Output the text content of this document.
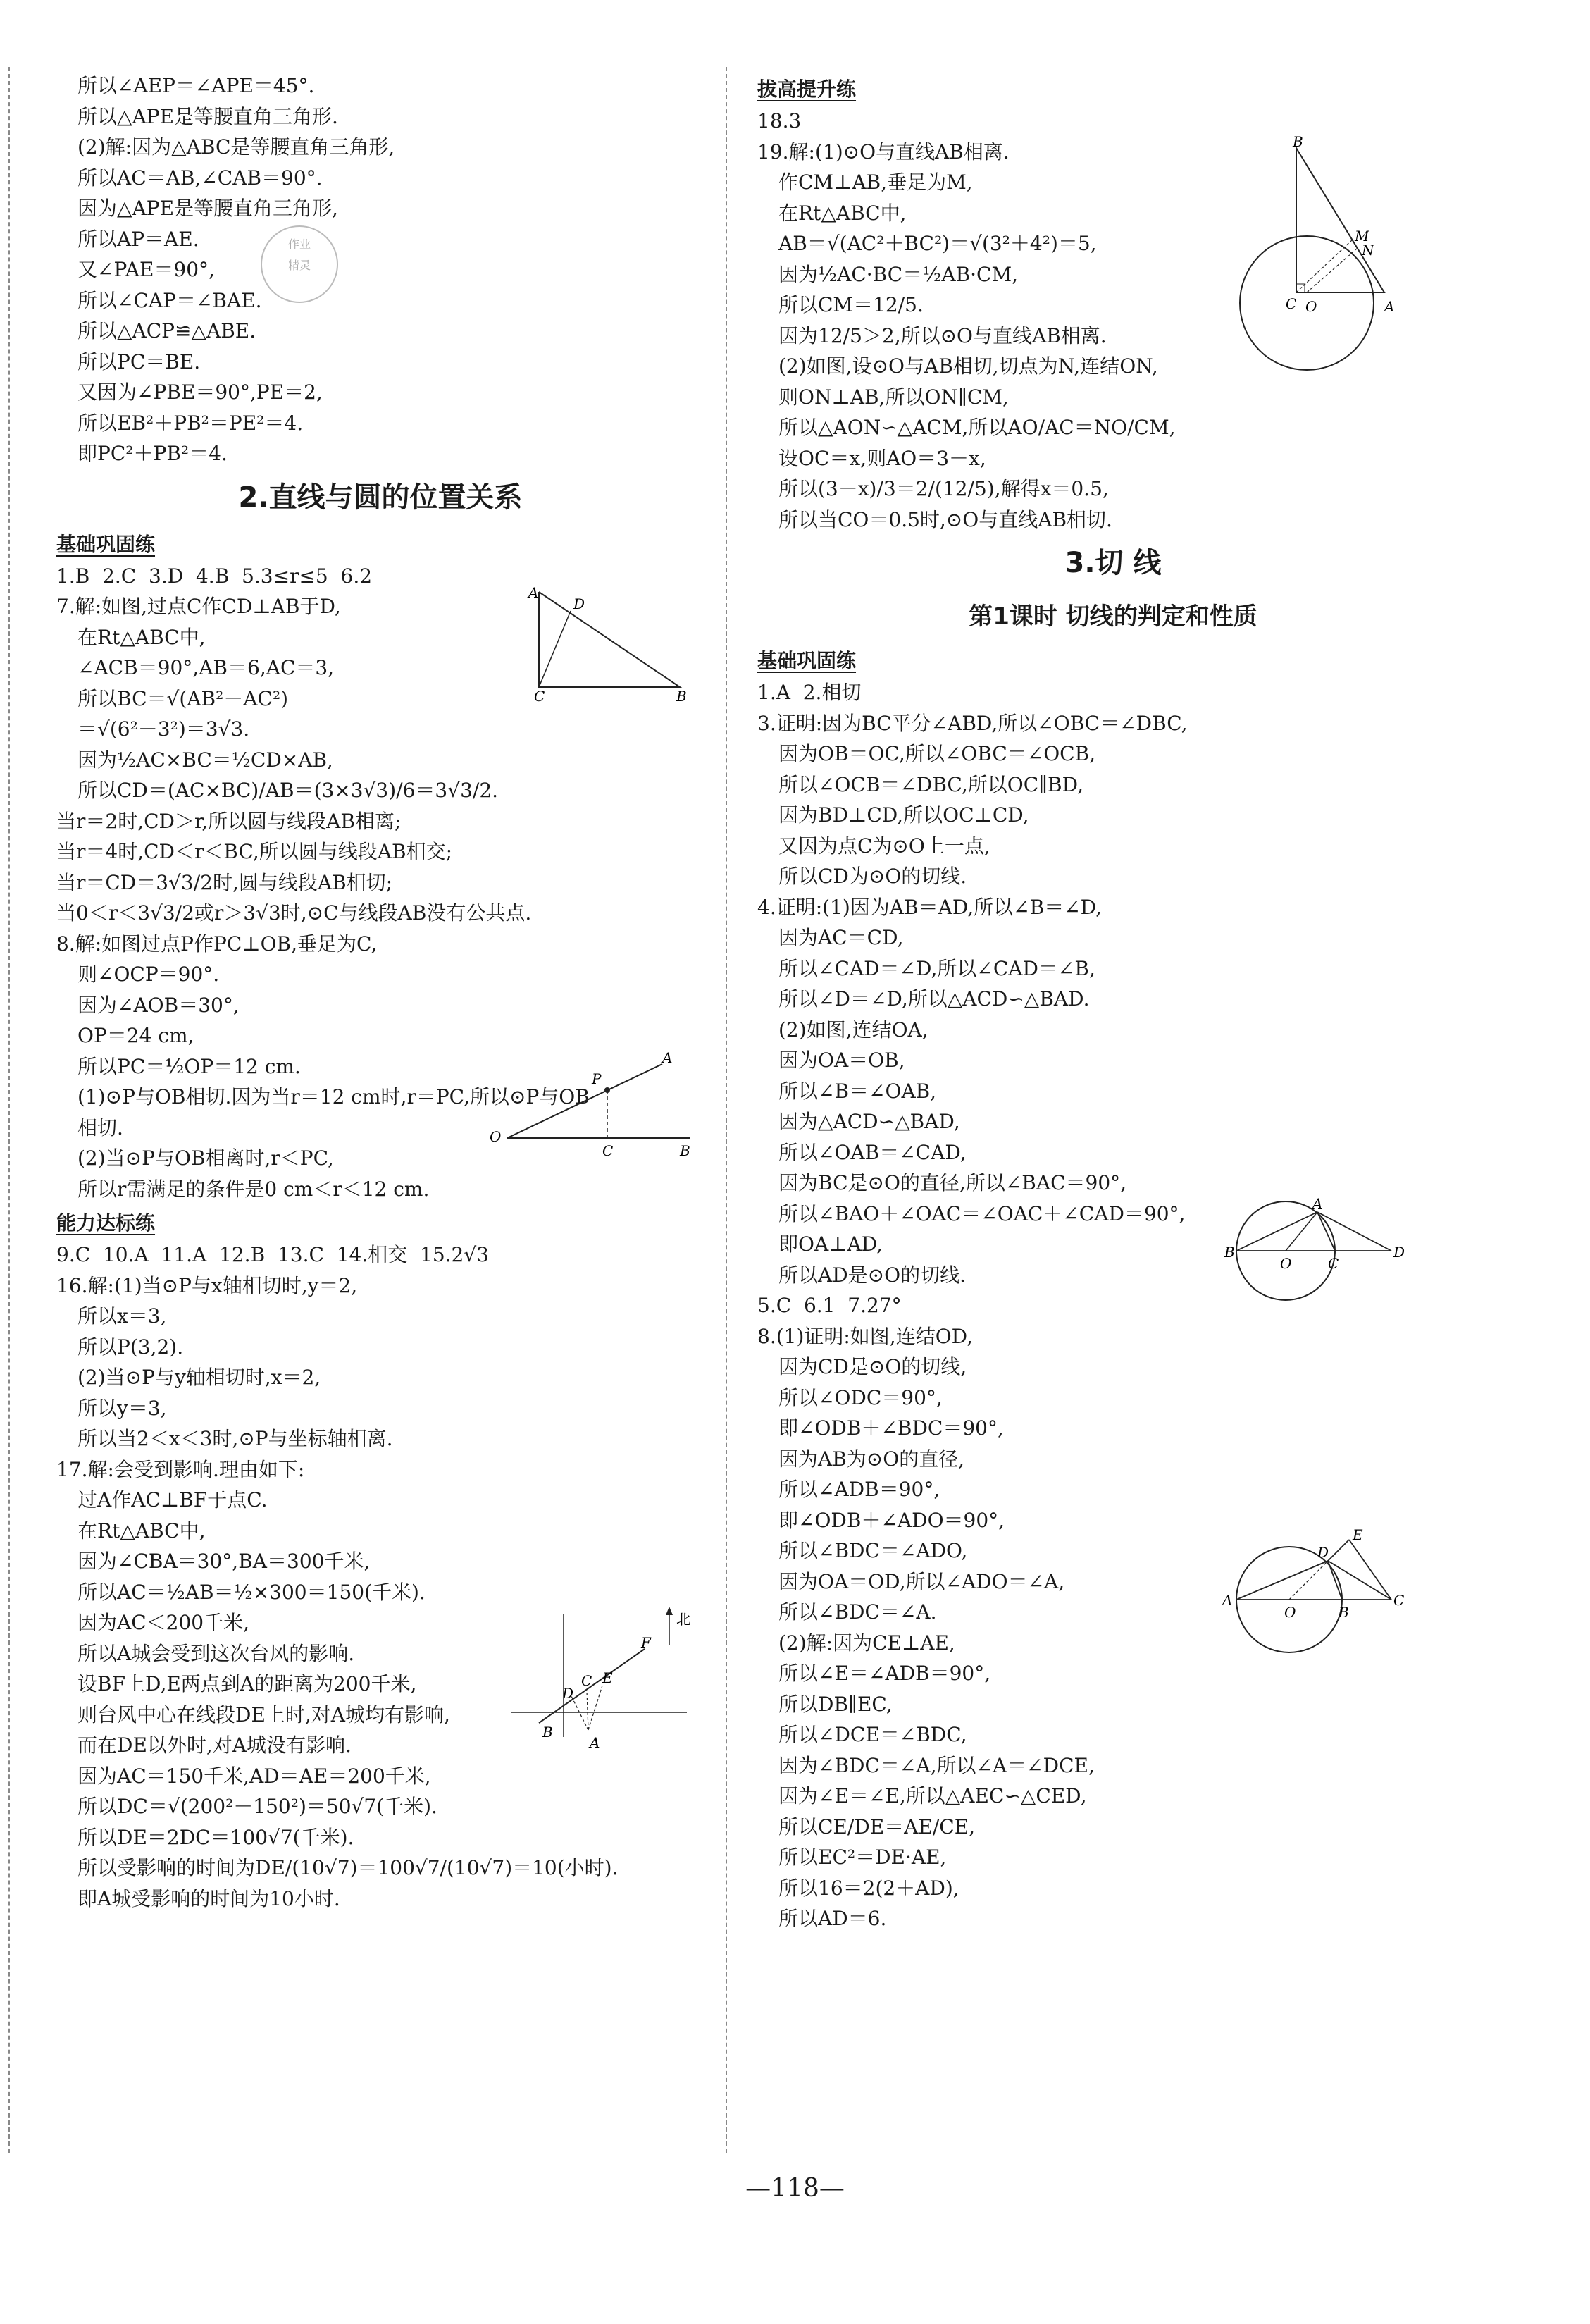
所以∠AEP＝∠APE＝45°.
所以△APE是等腰直角三角形.
(2)解:因为△ABC是等腰直角三角形,
所以AC＝AB,∠CAB＝90°.
因为△APE是等腰直角三角形,
所以AP＝AE.
又∠PAE＝90°,
所以∠CAP＝∠BAE.
所以△ACP≌△ABE.
所以PC＝BE.
又因为∠PBE＝90°,PE＝2,
所以EB²＋PB²＝PE²＝4.
即PC²＋PB²＝4.
2.直线与圆的位置关系
基础巩固练
1.B  2.C  3.D  4.B  5.3≤r≤5  6.2
7.解:如图,过点C作CD⊥AB于D,
在Rt△ABC中,
∠ACB＝90°,AB＝6,AC＝3,
所以BC＝√(AB²－AC²)
＝√(6²－3²)＝3√3.
因为½AC×BC＝½CD×AB,
所以CD＝(AC×BC)/AB＝(3×3√3)/6＝3√3/2.
当r＝2时,CD＞r,所以圆与线段AB相离;
当r＝4时,CD＜r＜BC,所以圆与线段AB相交;
当r＝CD＝3√3/2时,圆与线段AB相切;
当0＜r＜3√3/2或r＞3√3时,⊙C与线段AB没有公共点.
8.解:如图过点P作PC⊥OB,垂足为C,
则∠OCP＝90°.
因为∠AOB＝30°,
OP＝24 cm,
所以PC＝½OP＝12 cm.
(1)⊙P与OB相切.因为当r＝12 cm时,r＝PC,所以⊙P与OB
相切.
(2)当⊙P与OB相离时,r＜PC,
所以r需满足的条件是0 cm＜r＜12 cm.
能力达标练
9.C  10.A  11.A  12.B  13.C  14.相交  15.2√3
16.解:(1)当⊙P与x轴相切时,y＝2,
所以x＝3,
所以P(3,2).
(2)当⊙P与y轴相切时,x＝2,
所以y＝3,
所以当2＜x＜3时,⊙P与坐标轴相离.
17.解:会受到影响.理由如下:
过A作AC⊥BF于点C.
在Rt△ABC中,
因为∠CBA＝30°,BA＝300千米,
所以AC＝½AB＝½×300＝150(千米).
因为AC＜200千米,
所以A城会受到这次台风的影响.
设BF上D,E两点到A的距离为200千米,
则台风中心在线段DE上时,对A城均有影响,
而在DE以外时,对A城没有影响.
因为AC＝150千米,AD＝AE＝200千米,
所以DC＝√(200²－150²)＝50√7(千米).
所以DE＝2DC＝100√7(千米).
所以受影响的时间为DE/(10√7)＝100√7/(10√7)＝10(小时).
即A城受影响的时间为10小时.
作业
精灵
拔高提升练
18.3
19.解:(1)⊙O与直线AB相离.
作CM⊥AB,垂足为M,
在Rt△ABC中,
AB＝√(AC²＋BC²)＝√(3²＋4²)＝5,
因为½AC·BC＝½AB·CM,
所以CM＝12/5.
因为12/5＞2,所以⊙O与直线AB相离.
(2)如图,设⊙O与AB相切,切点为N,连结ON,
则ON⊥AB,所以ON∥CM,
所以△AON∽△ACM,所以AO/AC＝NO/CM,
设OC＝x,则AO＝3－x,
所以(3－x)/3＝2/(12/5),解得x＝0.5,
所以当CO＝0.5时,⊙O与直线AB相切.
3.切 线
第1课时 切线的判定和性质
基础巩固练
1.A  2.相切
3.证明:因为BC平分∠ABD,所以∠OBC＝∠DBC,
因为OB＝OC,所以∠OBC＝∠OCB,
所以∠OCB＝∠DBC,所以OC∥BD,
因为BD⊥CD,所以OC⊥CD,
又因为点C为⊙O上一点,
所以CD为⊙O的切线.
4.证明:(1)因为AB＝AD,所以∠B＝∠D,
因为AC＝CD,
所以∠CAD＝∠D,所以∠CAD＝∠B,
所以∠D＝∠D,所以△ACD∽△BAD.
(2)如图,连结OA,
因为OA＝OB,
所以∠B＝∠OAB,
因为△ACD∽△BAD,
所以∠OAB＝∠CAD,
因为BC是⊙O的直径,所以∠BAC＝90°,
所以∠BAO＋∠OAC＝∠OAC＋∠CAD＝90°,
即OA⊥AD,
所以AD是⊙O的切线.
5.C  6.1  7.27°
8.(1)证明:如图,连结OD,
因为CD是⊙O的切线,
所以∠ODC＝90°,
即∠ODB＋∠BDC＝90°,
因为AB为⊙O的直径,
所以∠ADB＝90°,
即∠ODB＋∠ADO＝90°,
所以∠BDC＝∠ADO,
因为OA＝OD,所以∠ADO＝∠A,
所以∠BDC＝∠A.
(2)解:因为CE⊥AE,
所以∠E＝∠ADB＝90°,
所以DB∥EC,
所以∠DCE＝∠BDC,
因为∠BDC＝∠A,所以∠A＝∠DCE,
因为∠E＝∠E,所以△AEC∽△CED,
所以CE/DE＝AE/CE,
所以EC²＝DE·AE,
所以16＝2(2＋AD),
所以AD＝6.
A
D
C	B
O
P
A
C	B
北
B
A
F
E
C
D
B
M
N
C O	A
B
O	C
D
A
A
O	B
C
D
E
—118—
